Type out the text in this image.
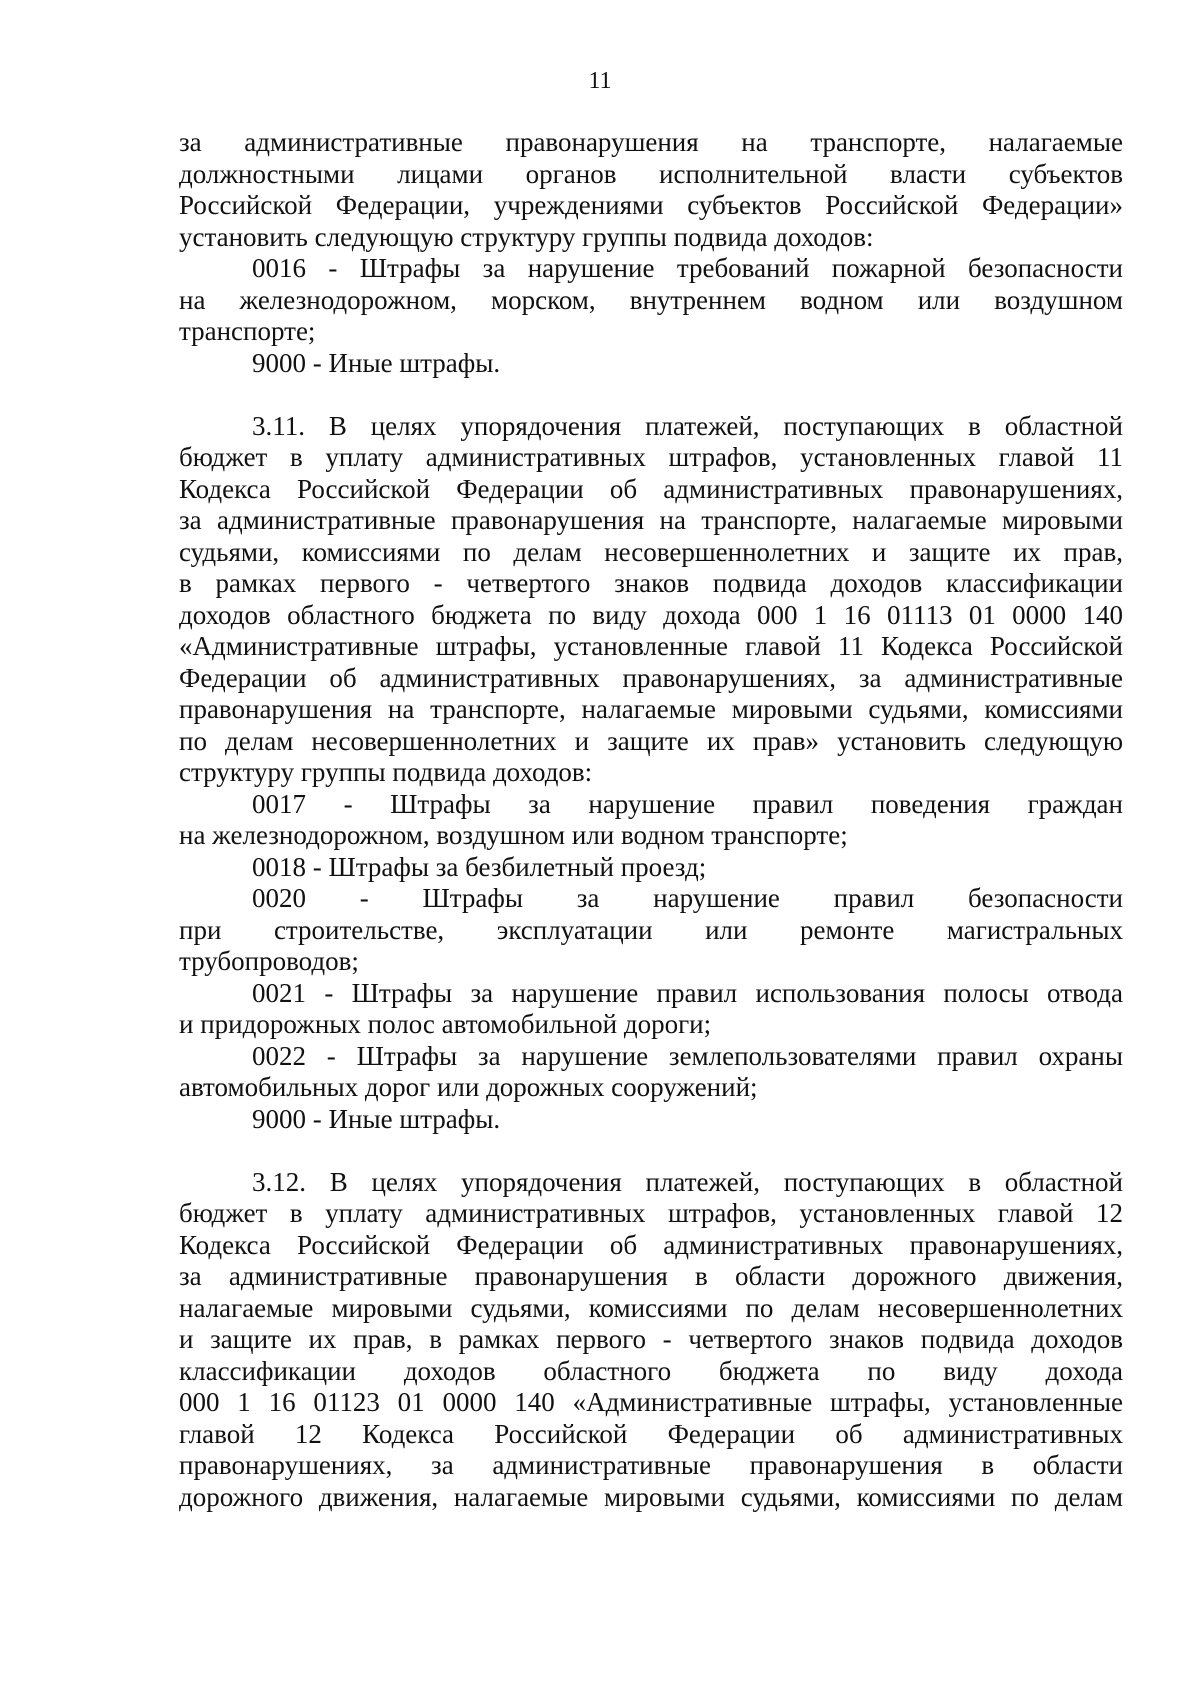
11
за административные правонарушения на транспорте, налагаемые
должностными лицами органов исполнительной власти субъектов
Российской Федерации, учреждениями субъектов Российской Федерации»
установить следующую структуру группы подвида доходов:
0016 - Штрафы за нарушение требований пожарной безопасности
на железнодорожном, морском, внутреннем водном или воздушном
транспорте;
9000 - Иные штрафы.
3.11. В целях упорядочения платежей, поступающих в областной
бюджет в уплату административных штрафов, установленных главой 11
Кодекса Российской Федерации об административных правонарушениях,
за административные правонарушения на транспорте, налагаемые мировыми
судьями, комиссиями по делам несовершеннолетних и защите их прав,
в рамках первого - четвертого знаков подвида доходов классификации
доходов областного бюджета по виду дохода 000 1 16 01113 01 0000 140
«Административные штрафы, установленные главой 11 Кодекса Российской
Федерации об административных правонарушениях, за административные
правонарушения на транспорте, налагаемые мировыми судьями, комиссиями
по делам несовершеннолетних и защите их прав» установить следующую
структуру группы подвида доходов:
0017 - Штрафы за нарушение правил поведения граждан
на железнодорожном, воздушном или водном транспорте;
0018 - Штрафы за безбилетный проезд;
0020 - Штрафы за нарушение правил безопасности
при строительстве, эксплуатации или ремонте магистральных
трубопроводов;
0021 - Штрафы за нарушение правил использования полосы отвода
и придорожных полос автомобильной дороги;
0022 - Штрафы за нарушение землепользователями правил охраны
автомобильных дорог или дорожных сооружений;
9000 - Иные штрафы.
3.12. В целях упорядочения платежей, поступающих в областной
бюджет в уплату административных штрафов, установленных главой 12
Кодекса Российской Федерации об административных правонарушениях,
за административные правонарушения в области дорожного движения,
налагаемые мировыми судьями, комиссиями по делам несовершеннолетних
и защите их прав, в рамках первого - четвертого знаков подвида доходов
классификации доходов областного бюджета по виду дохода
000 1 16 01123 01 0000 140 «Административные штрафы, установленные
главой 12 Кодекса Российской Федерации об административных
правонарушениях, за административные правонарушения в области
дорожного движения, налагаемые мировыми судьями, комиссиями по делам
